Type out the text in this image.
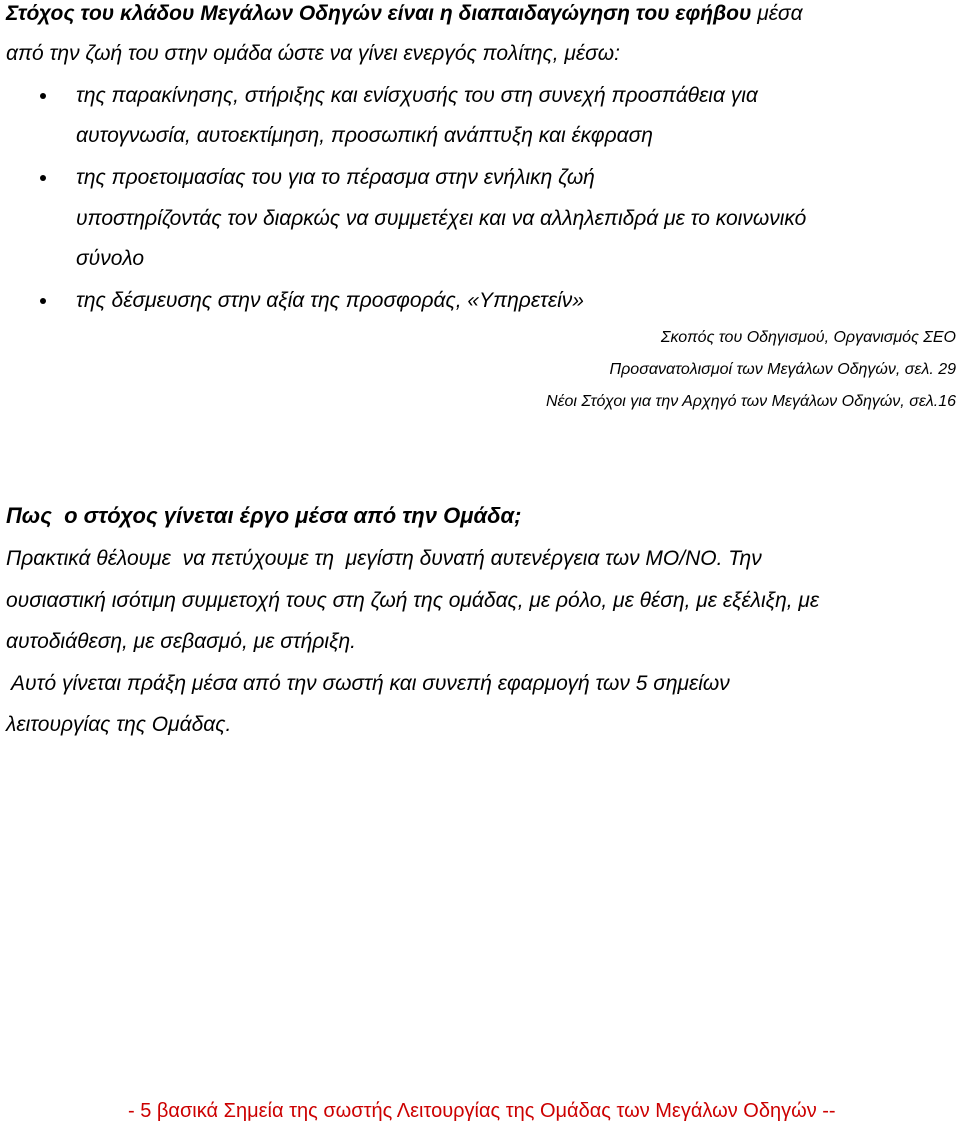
Στόχος του κλάδου Μεγάλων Οδηγών είναι η διαπαιδαγώγηση του εφήβου μέσα
από την ζωή του στην ομάδα ώστε να γίνει ενεργός πολίτης, μέσω:
της παρακίνησης, στήριξης και ενίσχυσής του στη συνεχή προσπάθεια για
αυτογνωσία, αυτοεκτίμηση, προσωπική ανάπτυξη και έκφραση
της προετοιμασίας του για το πέρασμα στην ενήλικη ζωή
υποστηρίζοντάς τον διαρκώς να συμμετέχει και να αλληλεπιδρά με το κοινωνικό
σύνολο
της δέσμευσης στην αξία της προσφοράς, «Υπηρετείν»
Σκοπός του Οδηγισμού, Οργανισμός ΣΕΟ
Προσανατολισμοί των Μεγάλων Οδηγών, σελ. 29
Νέοι Στόχοι για την Αρχηγό των Μεγάλων Οδηγών, σελ.16
Πως  ο στόχος γίνεται έργο μέσα από την Ομάδα;
Πρακτικά θέλουμε  να πετύχουμε τη  μεγίστη δυνατή αυτενέργεια των ΜΟ/ΝΟ. Την
ουσιαστική ισότιμη συμμετοχή τους στη ζωή της ομάδας, με ρόλο, με θέση, με εξέλιξη, με
αυτοδιάθεση, με σεβασμό, με στήριξη.
Αυτό γίνεται πράξη μέσα από την σωστή και συνεπή εφαρμογή των 5 σημείων
λειτουργίας της Ομάδας.
- 5 βασικά Σημεία της σωστής Λειτουργίας της Ομάδας των Μεγάλων Οδηγών --
